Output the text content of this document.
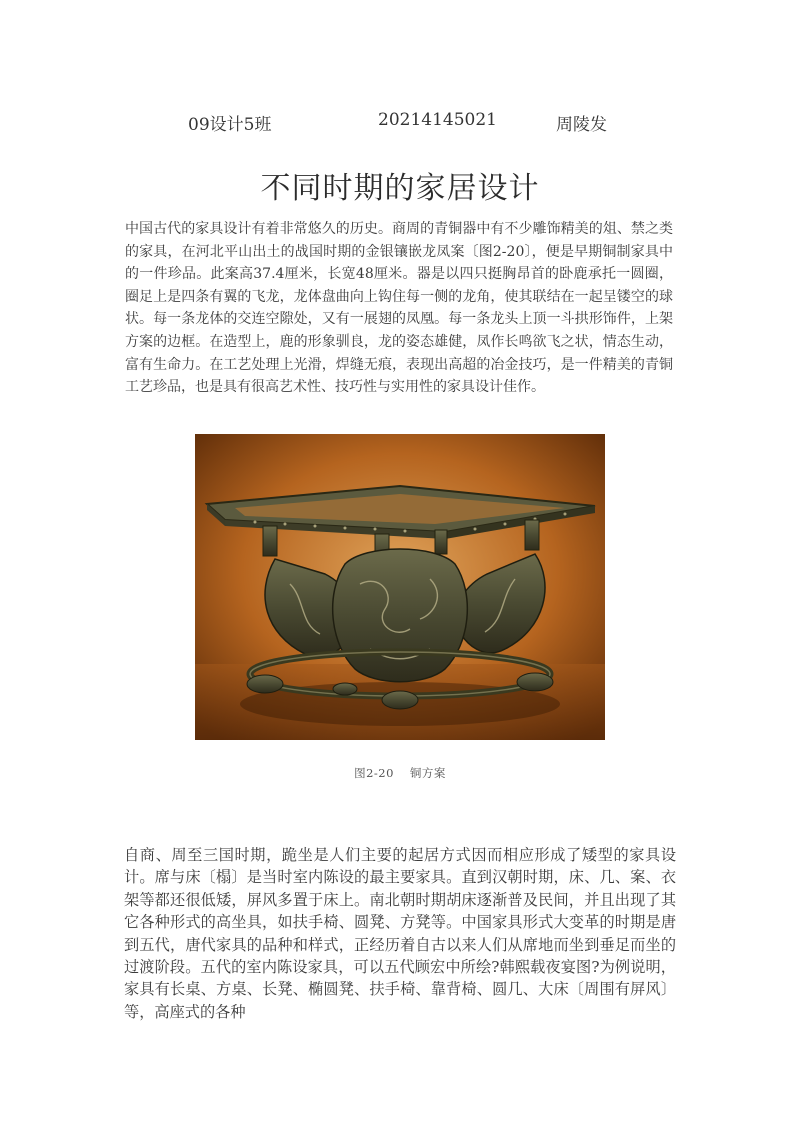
09设计5班	20214145021	周陵发
不同时期的家居设计

中国古代的家具设计有着非常悠久的历史。商周的青铜器中有不少雕饰精美的俎、禁之类的家具，在河北平山出土的战国时期的金银镶嵌龙凤案〔图2-20〕，便是早期铜制家具中的一件珍品。此案高37.4厘米，长宽48厘米。器是以四只挺胸昂首的卧鹿承托一圆圈，圈足上是四条有翼的飞龙，龙体盘曲向上钩住每一侧的龙角，使其联结在一起呈镂空的球状。每一条龙体的交连空隙处，又有一展翅的凤凰。每一条龙头上顶一斗拱形饰件，上架方案的边框。在造型上，鹿的形象驯良，龙的姿态雄健，凤作长鸣欲飞之状，情态生动，富有生命力。在工艺处理上光滑，焊缝无痕，表现出高超的冶金技巧，是一件精美的青铜工艺珍品，也是具有很高艺术性、技巧性与实用性的家具设计佳作。

图2-20 铜方案

自商、周至三国时期，跪坐是人们主要的起居方式因而相应形成了矮型的家具设计。席与床〔榻〕是当时室内陈设的最主要家具。直到汉朝时期，床、几、案、衣架等都还很低矮，屏风多置于床上。南北朝时期胡床逐渐普及民间，并且出现了其它各种形式的高坐具，如扶手椅、圆凳、方凳等。中国家具形式大变革的时期是唐到五代，唐代家具的品种和样式，正经历着自古以来人们从席地而坐到垂足而坐的过渡阶段。五代的室内陈设家具，可以五代顾宏中所绘?韩熙载夜宴图?为例说明，家具有长桌、方桌、长凳、椭圆凳、扶手椅、靠背椅、圆几、大床〔周围有屏风〕等，高座式的各种
